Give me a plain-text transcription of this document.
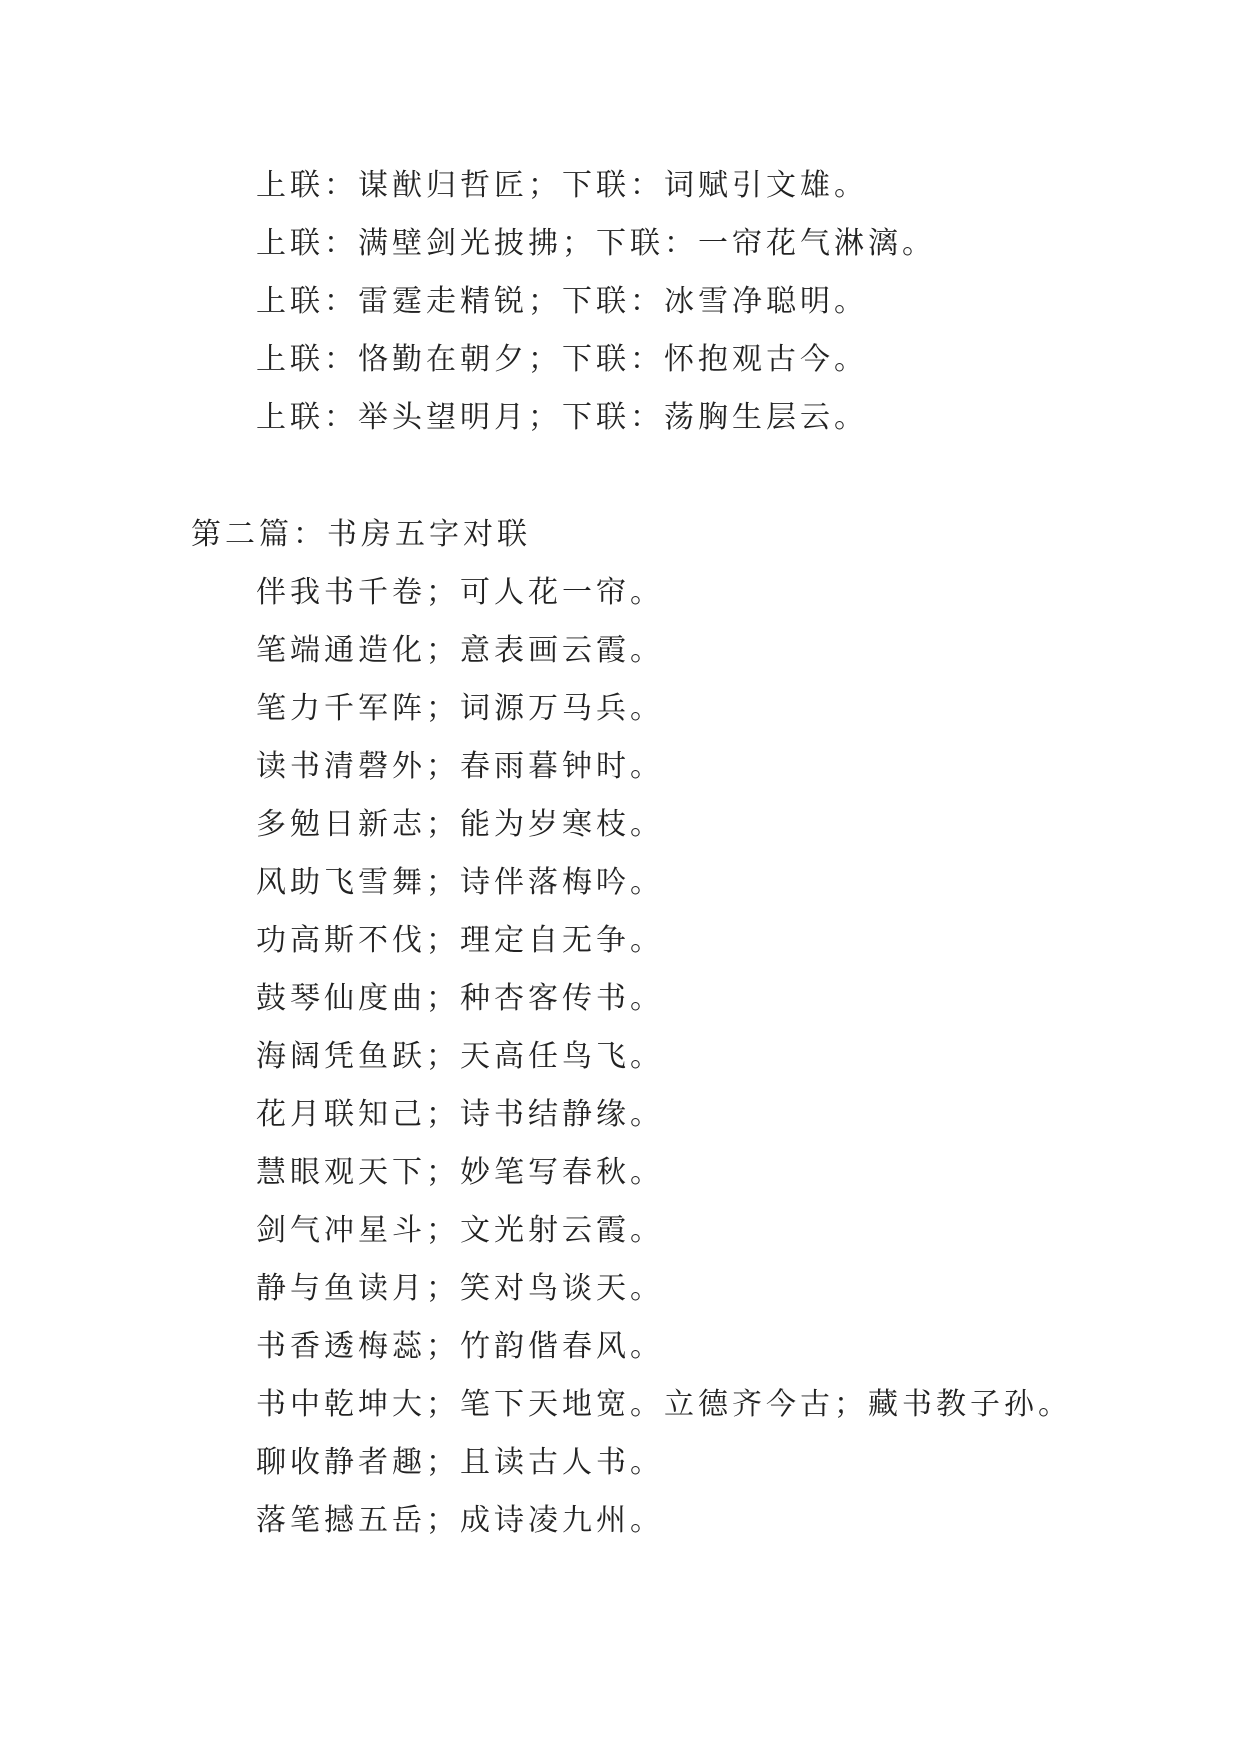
上联：谋猷归哲匠；下联：词赋引文雄。
上联：满壁剑光披拂；下联：一帘花气淋漓。
上联：雷霆走精锐；下联：冰雪净聪明。
上联：恪勤在朝夕；下联：怀抱观古今。
上联：举头望明月；下联：荡胸生层云。
第二篇：书房五字对联
伴我书千卷；可人花一帘。
笔端通造化；意表画云霞。
笔力千军阵；词源万马兵。
读书清磬外；春雨暮钟时。
多勉日新志；能为岁寒枝。
风助飞雪舞；诗伴落梅吟。
功高斯不伐；理定自无争。
鼓琴仙度曲；种杏客传书。
海阔凭鱼跃；天高任鸟飞。
花月联知己；诗书结静缘。
慧眼观天下；妙笔写春秋。
剑气冲星斗；文光射云霞。
静与鱼读月；笑对鸟谈天。
书香透梅蕊；竹韵偕春风。
书中乾坤大；笔下天地宽。立德齐今古；藏书教子孙。
聊收静者趣；且读古人书。
落笔撼五岳；成诗凌九州。
